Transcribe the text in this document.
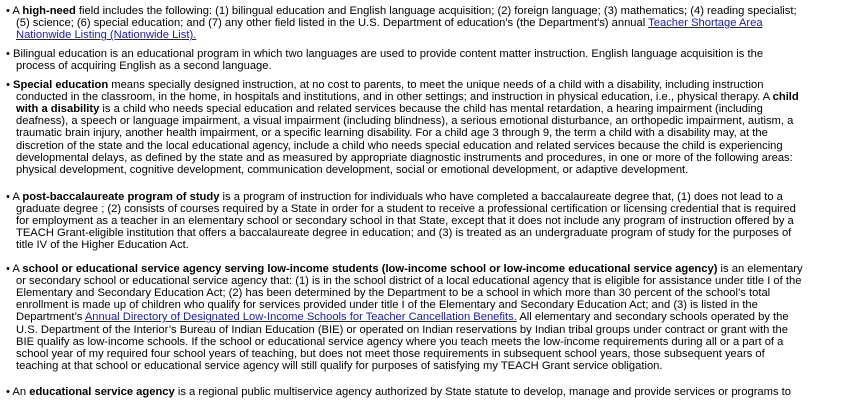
• A high-need field includes the following: (1) bilingual education and English language acquisition; (2) foreign language; (3) mathematics; (4) reading specialist;
(5) science; (6) special education; and (7) any other field listed in the U.S. Department of education's (the Department's) annual Teacher Shortage Area
Nationwide Listing (Nationwide List).
• Bilingual education is an educational program in which two languages are used to provide content matter instruction. English language acquisition is the
process of acquiring English as a second language.
• Special education means specially designed instruction, at no cost to parents, to meet the unique needs of a child with a disability, including instruction
conducted in the classroom, in the home, in hospitals and institutions, and in other settings; and instruction in physical education, i.e., physical therapy. A child
with a disability is a child who needs special education and related services because the child has mental retardation, a hearing impairment (including
deafness), a speech or language impairment, a visual impairment (including blindness), a serious emotional disturbance, an orthopedic impairment, autism, a
traumatic brain injury, another health impairment, or a specific learning disability. For a child age 3 through 9, the term a child with a disability may, at the
discretion of the state and the local educational agency, include a child who needs special education and related services because the child is experiencing
developmental delays, as defined by the state and as measured by appropriate diagnostic instruments and procedures, in one or more of the following areas:
physical development, cognitive development, communication development, social or emotional development, or adaptive development.
• A post-baccalaureate program of study is a program of instruction for individuals who have completed a baccalaureate degree that, (1) does not lead to a
graduate degree ; (2) consists of courses required by a State in order for a student to receive a professional certification or licensing credential that is required
for employment as a teacher in an elementary school or secondary school in that State, except that it does not include any program of instruction offered by a
TEACH Grant-eligible institution that offers a baccalaureate degree in education; and (3) is treated as an undergraduate program of study for the purposes of
title IV of the Higher Education Act.
• A school or educational service agency serving low-income students (low-income school or low-income educational service agency) is an elementary
or secondary school or educational service agency that: (1) is in the school district of a local educational agency that is eligible for assistance under title I of the
Elementary and Secondary Education Act; (2) has been determined by the Department to be a school in which more than 30 percent of the school’s total
enrollment is made up of children who qualify for services provided under title I of the Elementary and Secondary Education Act; and (3) is listed in the
Department’s Annual Directory of Designated Low-Income Schools for Teacher Cancellation Benefits. All elementary and secondary schools operated by the
U.S. Department of the Interior’s Bureau of Indian Education (BIE) or operated on Indian reservations by Indian tribal groups under contract or grant with the
BIE qualify as low-income schools. If the school or educational service agency where you teach meets the low-income requirements during all or a part of a
school year of my required four school years of teaching, but does not meet those requirements in subsequent school years, those subsequent years of
teaching at that school or educational service agency will still qualify for purposes of satisfying my TEACH Grant service obligation.
• An educational service agency is a regional public multiservice agency authorized by State statute to develop, manage and provide services or programs to
